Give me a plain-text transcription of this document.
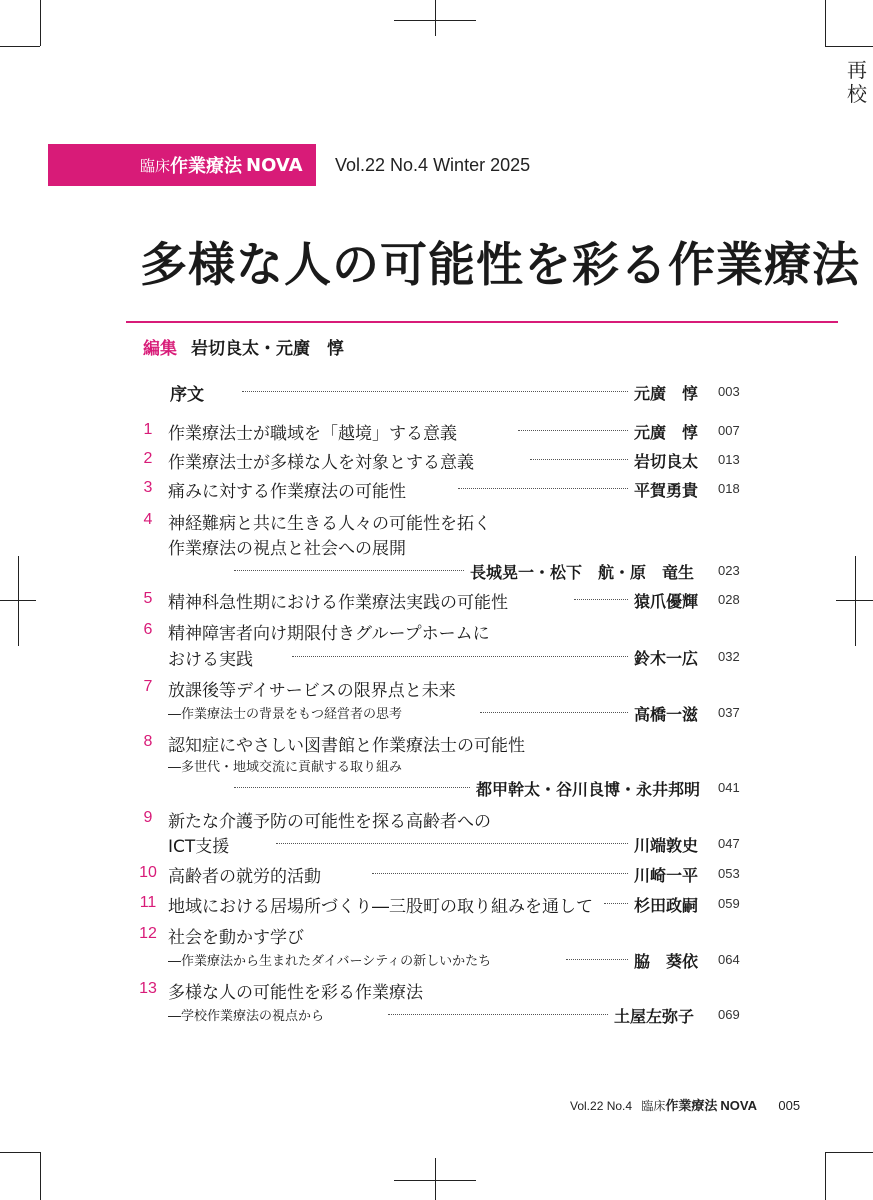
再校
臨床 作業療法 NOVA Vol.22 No.4 Winter 2025
多様な人の可能性を彩る作業療法
編集 岩切良太・元廣　惇
序文	元廣　惇 003
1 作業療法士が職域を「越境」する意義	元廣　惇 007
2 作業療法士が多様な人を対象とする意義	岩切良太 013
3 痛みに対する作業療法の可能性	平賀勇貴 018
4 神経難病と共に生きる人々の可能性を拓く
作業療法の視点と社会への展開
長城晃一・松下　航・原　竜生 023
5 精神科急性期における作業療法実践の可能性	猿爪優輝 028
6 精神障害者向け期限付きグループホームに
おける実践	鈴木一広 032
7 放課後等デイサービスの限界点と未来
―作業療法士の背景をもつ経営者の思考	高橋一滋 037
8 認知症にやさしい図書館と作業療法士の可能性
―多世代・地域交流に貢献する取り組み
都甲幹太・谷川良博・永井邦明 041
9 新たな介護予防の可能性を探る高齢者への
ICT支援	川端敦史 047
10 高齢者の就労的活動	川崎一平 053
11 地域における居場所づくり―三股町の取り組みを通して	杉田政嗣 059
12 社会を動かす学び
―作業療法から生まれたダイバーシティの新しいかたち	脇　葵依 064
13 多様な人の可能性を彩る作業療法
―学校作業療法の視点から	土屋左弥子 069
Vol.22 No.4 臨床作業療法 NOVA 005
